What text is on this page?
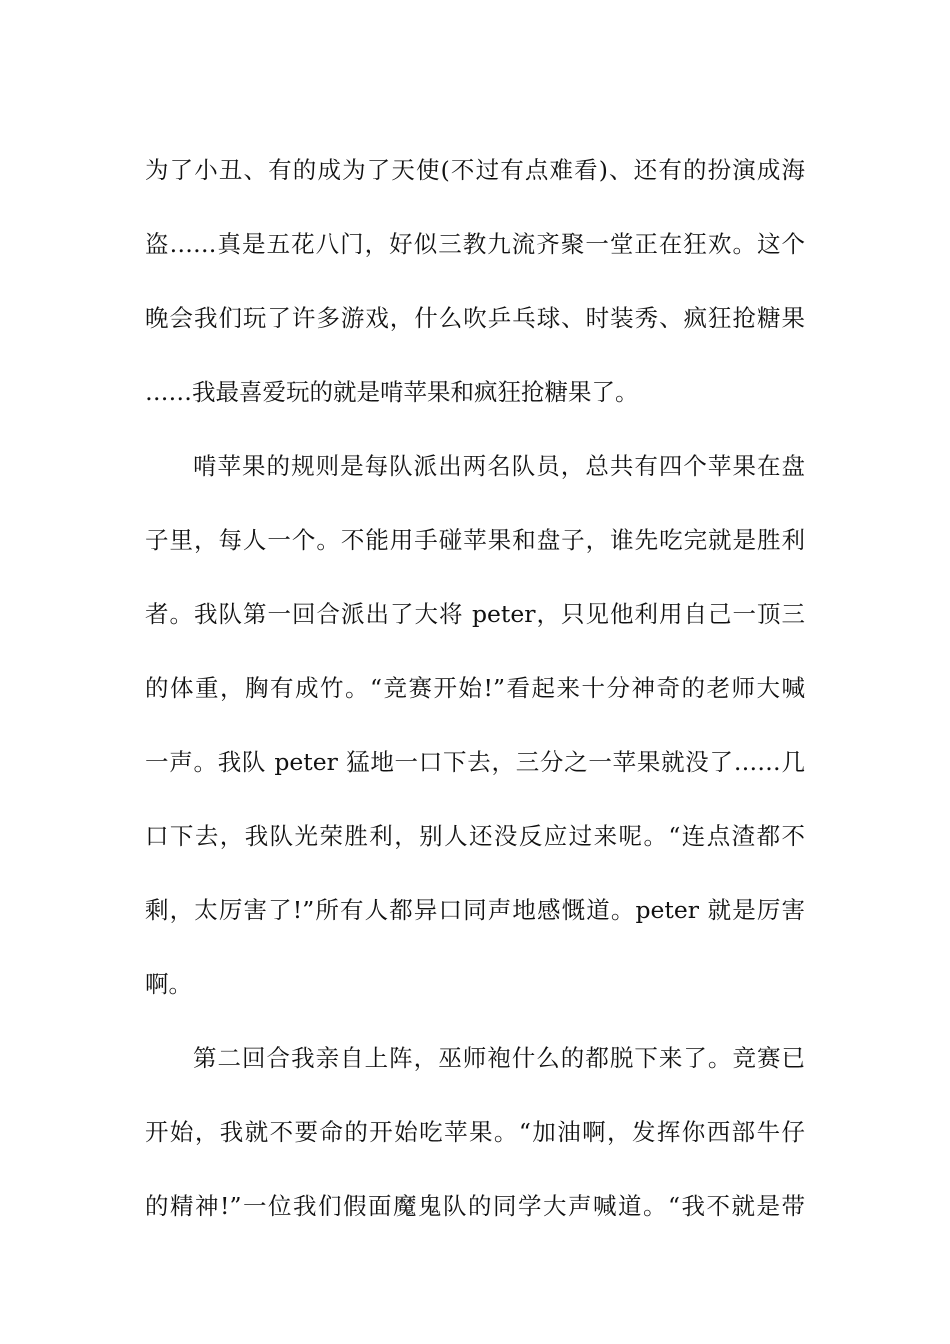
为了小丑、有的成为了天使(不过有点难看)、还有的扮演成海
盗……真是五花八门，好似三教九流齐聚一堂正在狂欢。这个
晚会我们玩了许多游戏，什么吹乒乓球、时装秀、疯狂抢糖果
……我最喜爱玩的就是啃苹果和疯狂抢糖果了。
啃苹果的规则是每队派出两名队员，总共有四个苹果在盘
子里，每人一个。不能用手碰苹果和盘子，谁先吃完就是胜利
者。我队第一回合派出了大将 peter，只见他利用自己一顶三
的体重，胸有成竹。“竞赛开始!”看起来十分神奇的老师大喊
一声。我队 peter 猛地一口下去，三分之一苹果就没了……几
口下去，我队光荣胜利，别人还没反应过来呢。“连点渣都不
剩，太厉害了!”所有人都异口同声地感慨道。peter 就是厉害
啊。
第二回合我亲自上阵，巫师袍什么的都脱下来了。竞赛已
开始，我就不要命的开始吃苹果。“加油啊，发挥你西部牛仔
的精神!”一位我们假面魔鬼队的同学大声喊道。“我不就是带
